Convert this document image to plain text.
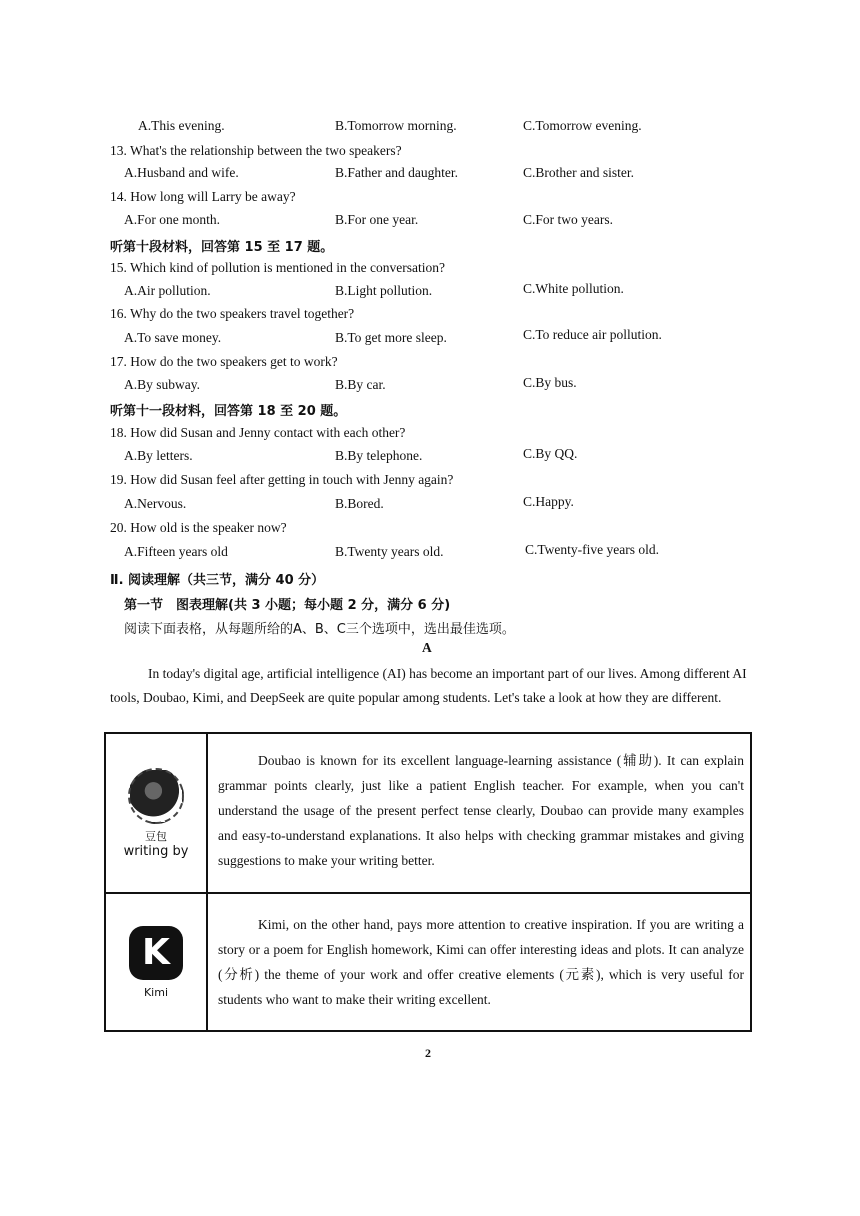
A.This evening.	B.Tomorrow morning.	C.Tomorrow evening.
13. What's the relationship between the two speakers?
A.Husband and wife.	B.Father and daughter.	C.Brother and sister.
14. How long will Larry be away?
A.For one month.	B.For one year.	C.For two years.
听第十段材料，回答第 15 至 17 题。
15. Which kind of pollution is mentioned in the conversation?
A.Air pollution.	B.Light pollution.	C.White pollution.
16. Why do the two speakers travel together?
A.To save money.	B.To get more sleep.	C.To reduce air pollution.
17. How do the two speakers get to work?
A.By subway.	B.By car.	C.By bus.
听第十一段材料，回答第 18 至 20 题。
18. How did Susan and Jenny contact with each other?
A.By letters.	B.By telephone.	C.By QQ.
19. How did Susan feel after getting in touch with Jenny again?
A.Nervous.	B.Bored.	C.Happy.
20. How old is the speaker now?
A.Fifteen years old	B.Twenty years old.	C.Twenty-five years old.
Ⅱ. 阅读理解（共三节，满分 40 分）
第一节　图表理解(共 3 小题；每小题 2 分，满分 6 分)
阅读下面表格，从每题所给的A、B、C三个选项中，选出最佳选项。
A
In today's digital age, artificial intelligence (AI) has become an important part of our lives. Among different AI tools, Doubao, Kimi, and DeepSeek are quite popular among students. Let's take a look at how they are different.
豆包
writing by

Doubao is known for its excellent language-learning assistance (辅助). It can explain grammar points clearly, just like a patient English teacher. For example, when you can't understand the usage of the present perfect tense clearly, Doubao can provide many examples and easy-to-understand explanations. It also helps with checking grammar mistakes and giving suggestions to make your writing better.

K
Kimi

Kimi, on the other hand, pays more attention to creative inspiration. If you are writing a story or a poem for English homework, Kimi can offer interesting ideas and plots. It can analyze (分析) the theme of your work and offer creative elements (元素), which is very useful for students who want to make their writing excellent.

2
